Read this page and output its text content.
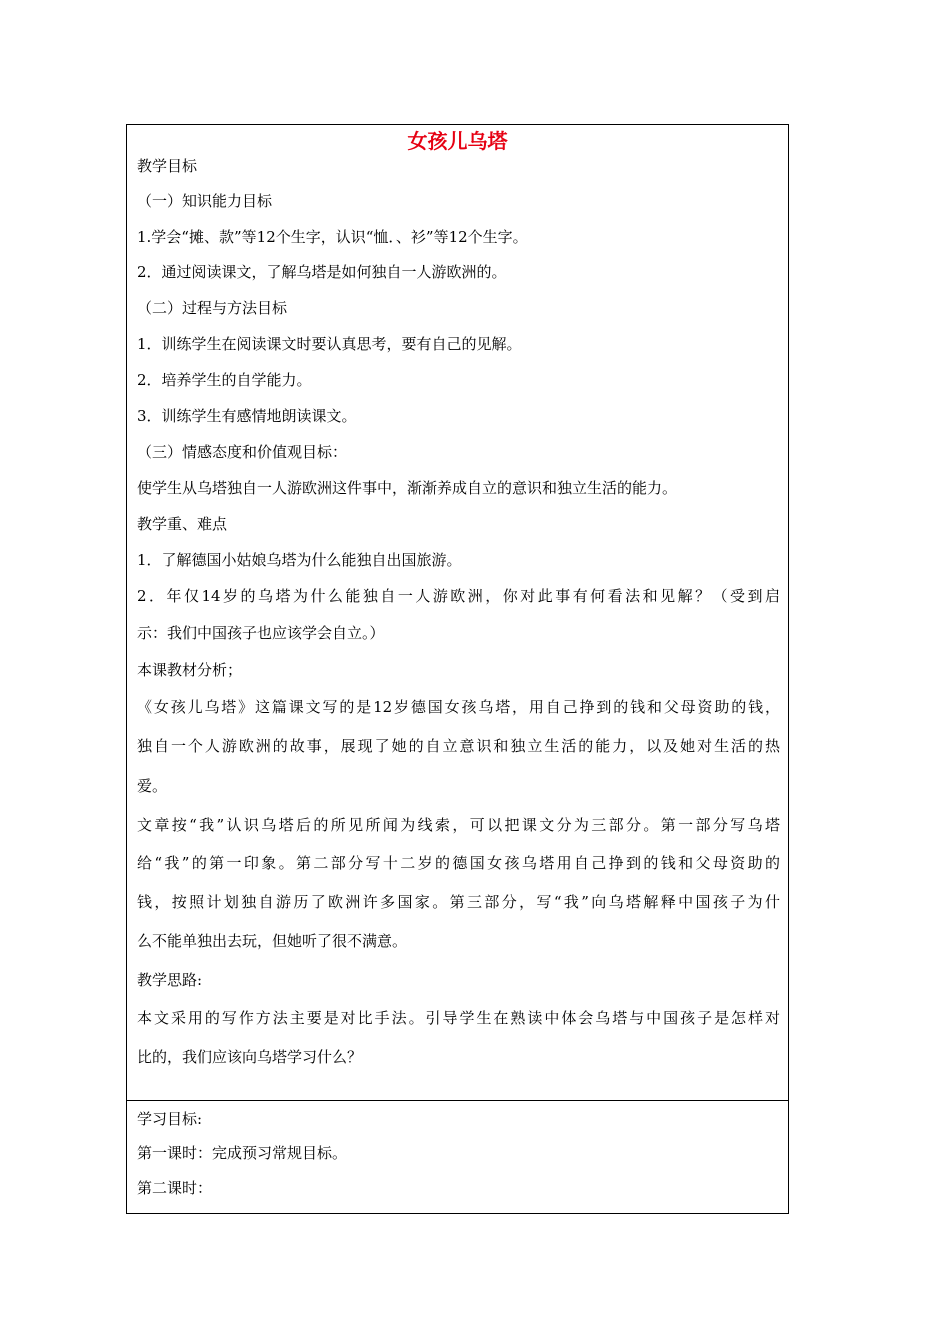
女孩儿乌塔
教学目标
（一）知识能力目标
1.学会“摊、款”等12个生字，认识“恤．、衫”等12个生字。
2．通过阅读课文，了解乌塔是如何独自一人游欧洲的。
（二）过程与方法目标
1．训练学生在阅读课文时要认真思考，要有自己的见解。
2．培养学生的自学能力。
3．训练学生有感情地朗读课文。
（三）情感态度和价值观目标：
使学生从乌塔独自一人游欧洲这件事中，渐渐养成自立的意识和独立生活的能力。
教学重、难点
1．了解德国小姑娘乌塔为什么能独自出国旅游。
2．年仅14岁的乌塔为什么能独自一人游欧洲，你对此事有何看法和见解？（受到启
示：我们中国孩子也应该学会自立。）
本课教材分析；
《女孩儿乌塔》这篇课文写的是12岁德国女孩乌塔，用自己挣到的钱和父母资助的钱，
独自一个人游欧洲的故事，展现了她的自立意识和独立生活的能力，以及她对生活的热
爱。
文章按“我”认识乌塔后的所见所闻为线索，可以把课文分为三部分。第一部分写乌塔
给“我”的第一印象。第二部分写十二岁的德国女孩乌塔用自己挣到的钱和父母资助的
钱，按照计划独自游历了欧洲许多国家。第三部分，写“我”向乌塔解释中国孩子为什
么不能单独出去玩，但她听了很不满意。
教学思路:
本文采用的写作方法主要是对比手法。引导学生在熟读中体会乌塔与中国孩子是怎样对
比的，我们应该向乌塔学习什么？
学习目标:
第一课时：完成预习常规目标。
第二课时：
